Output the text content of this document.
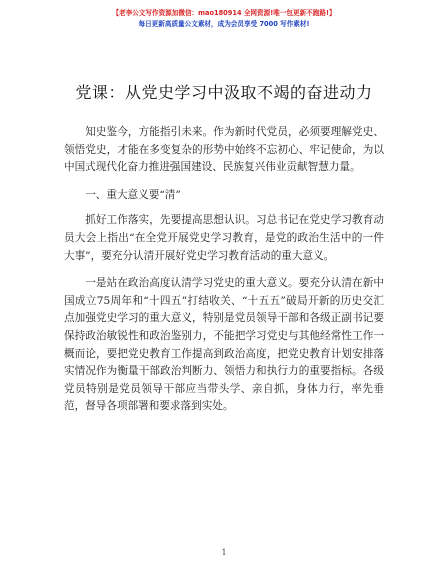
【老李公文写作资源加微信：mao180914 全网资源!唯一包更新不跑路!】
每日更新高质量公文素材，成为会员享受 7000 写作素材!
党课：从党史学习中汲取不竭的奋进动力

知史鉴今，方能指引未来。作为新时代党员，必须要理解党史、领悟党史，才能在多变复杂的形势中始终不忘初心、牢记使命，为以中国式现代化奋力推进强国建设、民族复兴伟业贡献智慧力量。

一、重大意义要“清”

抓好工作落实，先要提高思想认识。习总书记在党史学习教育动员大会上指出“在全党开展党史学习教育，是党的政治生活中的一件大事”，要充分认清开展好党史学习教育活动的重大意义。

一是站在政治高度认清学习党史的重大意义。要充分认清在新中国成立75周年和“十四五”打结收关、“十五五”破局开新的历史交汇点加强党史学习的重大意义，特别是党员领导干部和各级正副书记要保持政治敏锐性和政治鉴别力，不能把学习党史与其他经常性工作一概而论，要把党史教育工作提高到政治高度，把党史教育计划安排落实情况作为衡量干部政治判断力、领悟力和执行力的重要指标。各级党员特别是党员领导干部应当带头学、亲自抓，身体力行，率先垂范，督导各项部署和要求落到实处。

1
